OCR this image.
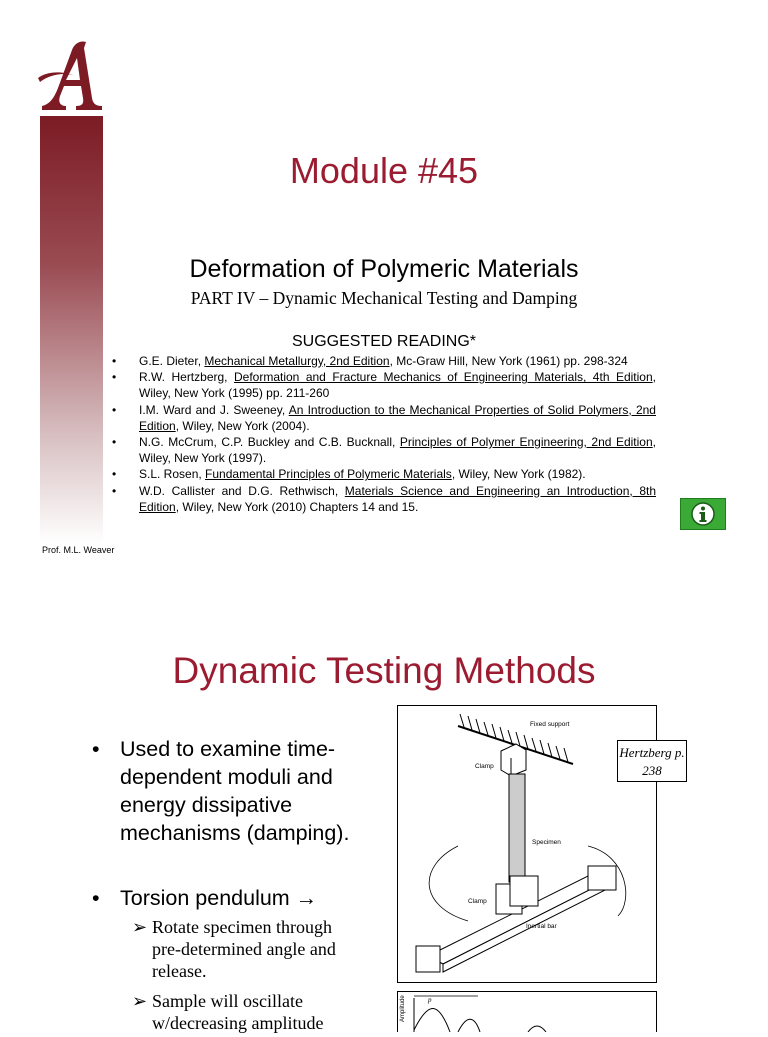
Module #45
Deformation of Polymeric Materials
PART IV – Dynamic Mechanical Testing and Damping
SUGGESTED READING*
• G.E. Dieter, Mechanical Metallurgy, 2nd Edition, Mc-Graw Hill, New York (1961) pp. 298-324
• R.W. Hertzberg, Deformation and Fracture Mechanics of Engineering Materials, 4th Edition, Wiley, New York (1995) pp. 211-260
• I.M. Ward and J. Sweeney, An Introduction to the Mechanical Properties of Solid Polymers, 2nd Edition, Wiley, New York (2004).
• N.G. McCrum, C.P. Buckley and C.B. Bucknall, Principles of Polymer Engineering, 2nd Edition, Wiley, New York (1997).
• S.L. Rosen, Fundamental Principles of Polymeric Materials, Wiley, New York (1982).
• W.D. Callister and D.G. Rethwisch, Materials Science and Engineering an Introduction, 8th Edition, Wiley, New York (2010) Chapters 14 and 15.
Prof. M.L. Weaver
Dynamic Testing Methods
• Used to examine time-dependent moduli and energy dissipative mechanisms (damping).
• Torsion pendulum →
➢ Rotate specimen through pre-determined angle and release.
➢ Sample will oscillate w/decreasing amplitude
Fixed support
Clamp
Specimen
Clamp
Inertial bar
Hertzberg p. 238
p
Amplitude
